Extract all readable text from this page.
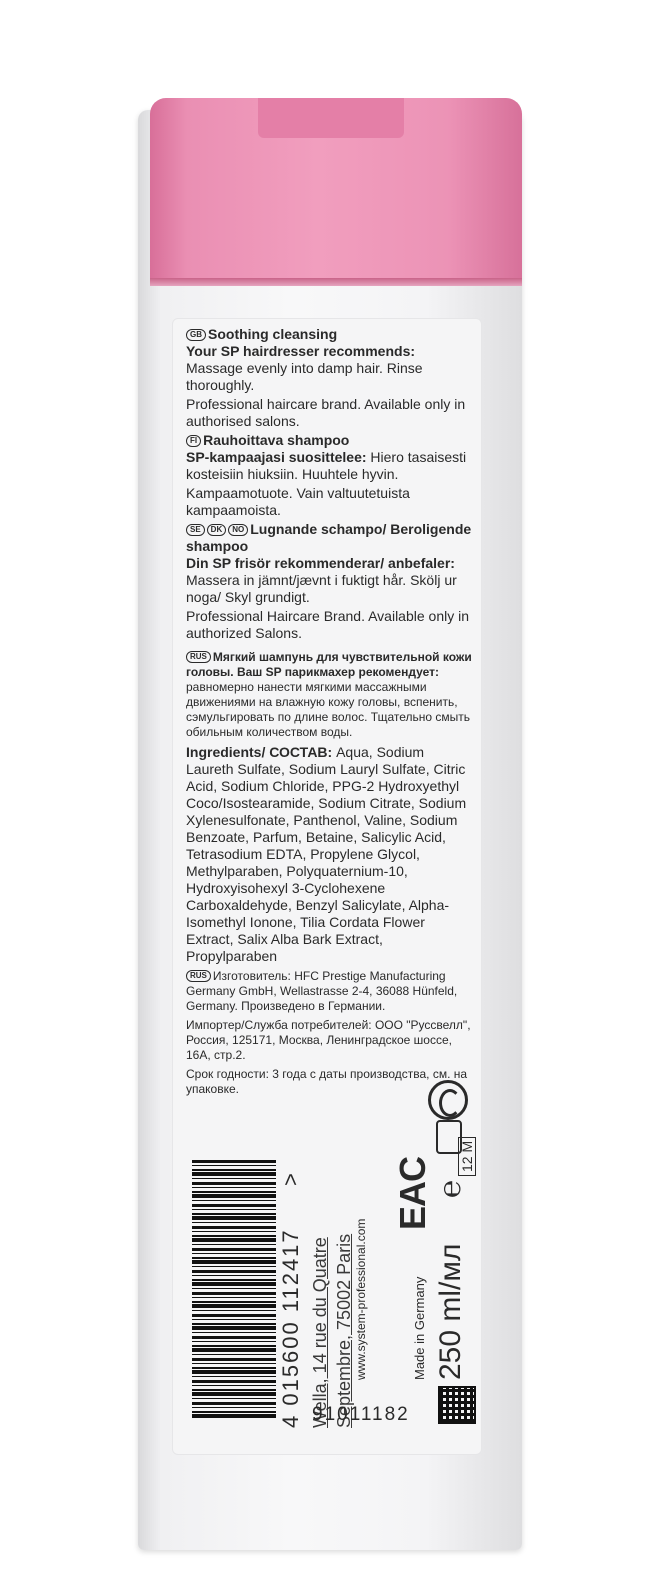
GB Soothing cleansing
Your SP hairdresser recommends:
Massage evenly into damp hair. Rinse thoroughly.
Professional haircare brand. Available only in authorised salons.
FI Rauhoittava shampoo
SP-kampaajasi suosittelee: Hiero tasaisesti kosteisiin hiuksiin. Huuhtele hyvin.
Kampaamotuote. Vain valtuutetuista kampaamoista.
SE DK NO Lugnande schampo/ Beroligende shampoo
Din SP frisör rekommenderar/ anbefaler: Massera in jämnt/jævnt i fuktigt hår. Skölj ur noga/ Skyl grundigt.
Professional Haircare Brand. Available only in authorized Salons.
RUS Мягкий шампунь для чувствительной кожи головы. Ваш SP парикмахер рекомендует: равномерно нанести мягкими массажными движениями на влажную кожу головы, вспенить, сэмульгировать по длине волос. Тщательно смыть обильным количеством воды.
Ingredients/ СОСТАВ: Aqua, Sodium Laureth Sulfate, Sodium Lauryl Sulfate, Citric Acid, Sodium Chloride, PPG-2 Hydroxyethyl Coco/Isostearamide, Sodium Citrate, Sodium Xylenesulfonate, Panthenol, Valine, Sodium Benzoate, Parfum, Betaine, Salicylic Acid, Tetrasodium EDTA, Propylene Glycol, Methylparaben, Polyquaternium-10, Hydroxyisohexyl 3-Cyclohexene Carboxaldehyde, Benzyl Salicylate, Alpha-Isomethyl Ionone, Tilia Cordata Flower Extract, Salix Alba Bark Extract, Propylparaben
RUS Изготовитель: HFC Prestige Manufacturing Germany GmbH, Wellastrasse 2-4, 36088 Hünfeld, Germany. Произведено в Германии.
Импортер/Служба потребителей: ООО "Руссвелл", Россия, 125171, Москва, Ленинградское шоссе, 16А, стр.2.
Срок годности: 3 года с даты производства, см. на упаковке.
4 015600 112417
>
Wella, 14 rue du Quatre Septembre, 75002 Paris www.system-professional.com	Made in Germany 250 ml/мл
EAC ℮
12 M
91011182
